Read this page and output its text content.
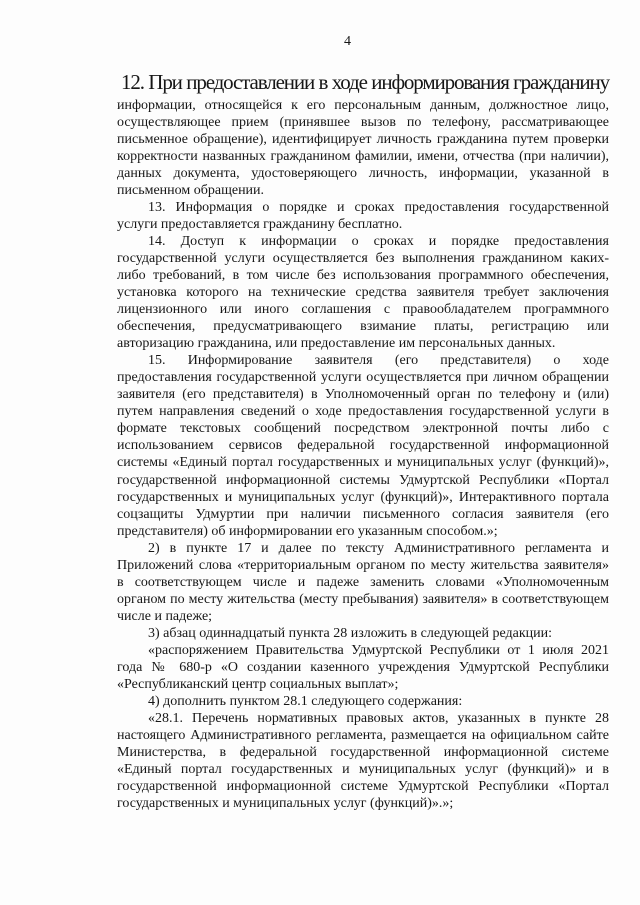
4
12. При предоставлении в ходе информирования гражданину
информации, относящейся к его персональным данным, должностное лицо,
осуществляющее прием (принявшее вызов по телефону, рассматривающее
письменное обращение), идентифицирует личность гражданина путем проверки
корректности названных гражданином фамилии, имени, отчества (при наличии),
данных документа, удостоверяющего личность, информации, указанной в
письменном обращении.
13. Информация о порядке и сроках предоставления государственной
услуги предоставляется гражданину бесплатно.
14. Доступ к информации о сроках и порядке предоставления
государственной услуги осуществляется без выполнения гражданином каких-
либо требований, в том числе без использования программного обеспечения,
установка которого на технические средства заявителя требует заключения
лицензионного или иного соглашения с правообладателем программного
обеспечения, предусматривающего взимание платы, регистрацию или
авторизацию гражданина, или предоставление им персональных данных.
15. Информирование заявителя (его представителя) о ходе
предоставления государственной услуги осуществляется при личном обращении
заявителя (его представителя) в Уполномоченный орган по телефону и (или)
путем направления сведений о ходе предоставления государственной услуги в
формате текстовых сообщений посредством электронной почты либо с
использованием сервисов федеральной государственной информационной
системы «Единый портал государственных и муниципальных услуг (функций)»,
государственной информационной системы Удмуртской Республики «Портал
государственных и муниципальных услуг (функций)», Интерактивного портала
соцзащиты Удмуртии при наличии письменного согласия заявителя (его
представителя) об информировании его указанным способом.»;
2) в пункте 17 и далее по тексту Административного регламента и
Приложений слова «территориальным органом по месту жительства заявителя»
в соответствующем числе и падеже заменить словами «Уполномоченным
органом по месту жительства (месту пребывания) заявителя» в соответствующем
числе и падеже;
3) абзац одиннадцатый пункта 28 изложить в следующей редакции:
«распоряжением Правительства Удмуртской Республики от 1 июля 2021
года № 680-р «О создании казенного учреждения Удмуртской Республики
«Республиканский центр социальных выплат»;
4) дополнить пунктом 28.1 следующего содержания:
«28.1. Перечень нормативных правовых актов, указанных в пункте 28
настоящего Административного регламента, размещается на официальном сайте
Министерства, в федеральной государственной информационной системе
«Единый портал государственных и муниципальных услуг (функций)» и в
государственной информационной системе Удмуртской Республики «Портал
государственных и муниципальных услуг (функций)».»;
